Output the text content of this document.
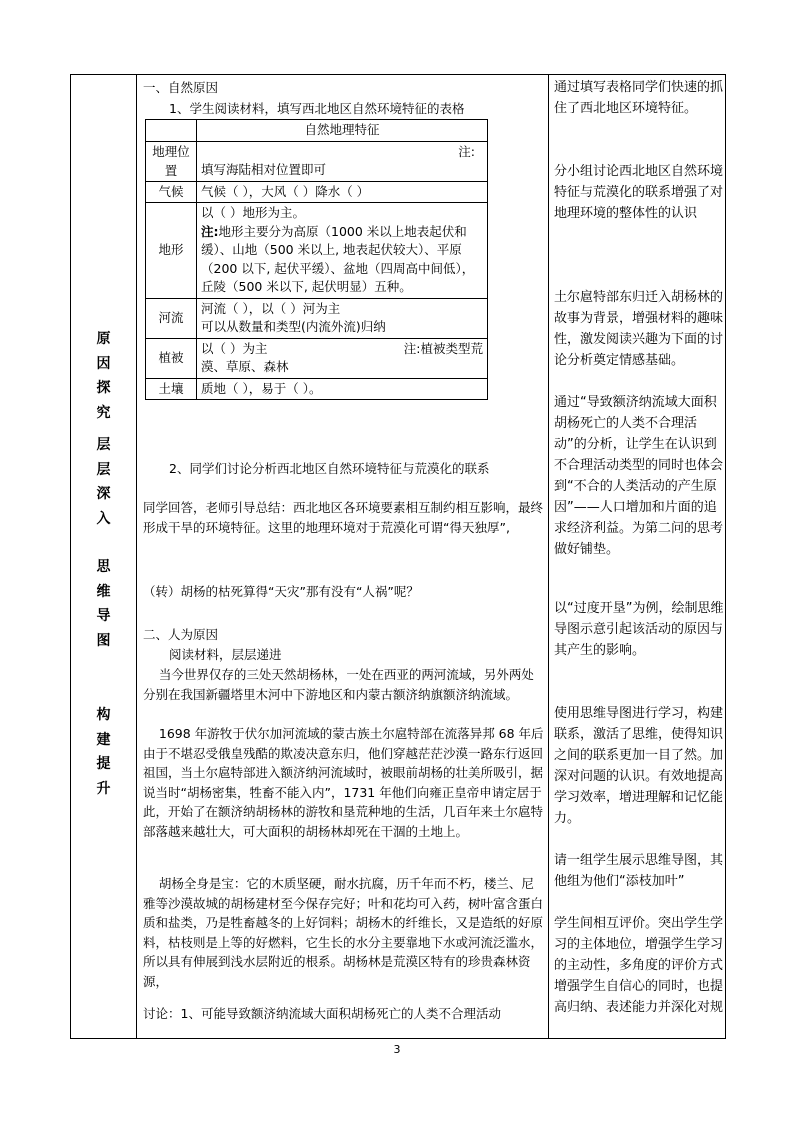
原
因
探
究
层
层
深
入
思
维
导
图
构
建
提
升
一、自然原因
1、学生阅读材料，填写西北地区自然环境特征的表格
	自然地理特征
地理位置	注:
填写海陆相对位置即可

气候	气候（ ），大风（ ）降水（ ）
地形	以（ ）地形为主。
注:地形主要分为高原（1000 米以上地表起伏和缓）、山地（500 米以上, 地表起伏较大）、平原（200 以下, 起伏平缓）、盆地（四周高中间低），丘陵（500 米以下, 起伏明显）五种。

河流	河流（ ），以（ ）河为主
可以从数量和类型(内流外流)归纳

植被	以（ ）为主 注:植被类型荒
漠、草原、森林

土壤	质地（ ），易于（ ）。
2、同学们讨论分析西北地区自然环境特征与荒漠化的联系
同学回答，老师引导总结：西北地区各环境要素相互制约相互影响，最终形成干旱的环境特征。这里的地理环境对于荒漠化可谓“得天独厚”,
（转）胡杨的枯死算得“天灾”那有没有“人祸”呢？
二、人为原因
阅读材料，层层递进
当今世界仅存的三处天然胡杨林，一处在西亚的两河流域，另外两处分别在我国新疆塔里木河中下游地区和内蒙古额济纳旗额济纳流域。
1698 年游牧于伏尔加河流域的蒙古族土尔扈特部在流落异邦 68 年后由于不堪忍受俄皇残酷的欺凌决意东归，他们穿越茫茫沙漠一路东行返回祖国，当土尔扈特部进入额济纳河流域时，被眼前胡杨的壮美所吸引，据说当时“胡杨密集，牲畜不能入内”，1731 年他们向雍正皇帝申请定居于此，开始了在额济纳胡杨林的游牧和垦荒种地的生活，几百年来土尔扈特部落越来越壮大，可大面积的胡杨林却死在干涸的土地上。
胡杨全身是宝：它的木质坚硬，耐水抗腐，历千年而不朽，楼兰、尼雅等沙漠故城的胡杨建材至今保存完好；叶和花均可入药，树叶富含蛋白质和盐类，乃是牲畜越冬的上好饲料；胡杨木的纤维长，又是造纸的好原料，枯枝则是上等的好燃料，它生长的水分主要靠地下水或河流泛滥水，所以具有伸展到浅水层附近的根系。胡杨林是荒漠区特有的珍贵森林资源，
讨论：1、可能导致额济纳流域大面积胡杨死亡的人类不合理活动
通过填写表格同学们快速的抓住了西北地区环境特征。
分小组讨论西北地区自然环境特征与荒漠化的联系增强了对地理环境的整体性的认识
土尔扈特部东归迁入胡杨林的故事为背景，增强材料的趣味性，激发阅读兴趣为下面的讨论分析奠定情感基础。
通过“导致额济纳流域大面积胡杨死亡的人类不合理活动”的分析，让学生在认识到不合理活动类型的同时也体会到“不合的人类活动的产生原因”——人口增加和片面的追求经济利益。为第二问的思考做好铺垫。
以“过度开垦”为例，绘制思维导图示意引起该活动的原因与其产生的影响。
使用思维导图进行学习，构建联系，激活了思维，使得知识之间的联系更加一目了然。加深对问题的认识。有效地提高学习效率，增进理解和记忆能力。
请一组学生展示思维导图，其他组为他们“添枝加叶”
学生间相互评价。突出学生学习的主体地位，增强学生学习的主动性，多角度的评价方式增强学生自信心的同时，也提高归纳、表述能力并深化对规
3
